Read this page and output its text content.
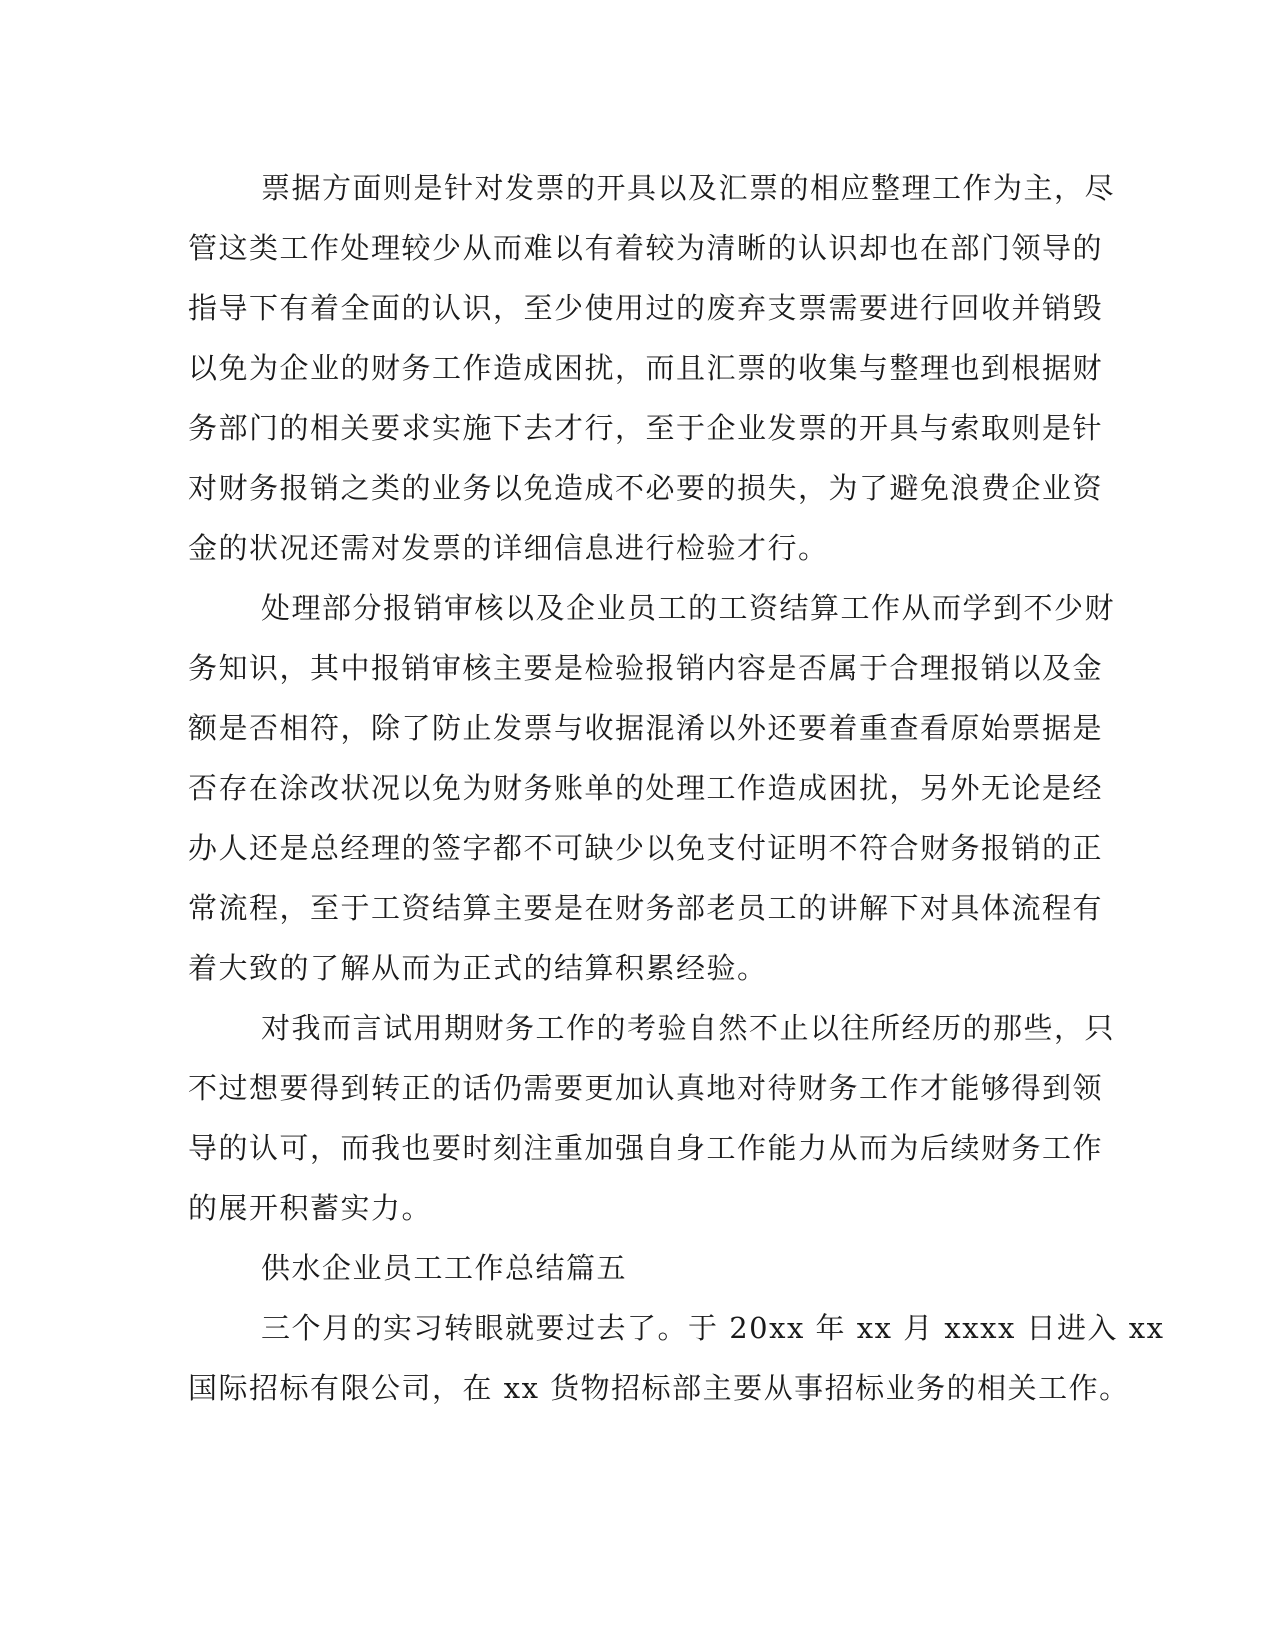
票据方面则是针对发票的开具以及汇票的相应整理工作为主，尽
管这类工作处理较少从而难以有着较为清晰的认识却也在部门领导的
指导下有着全面的认识，至少使用过的废弃支票需要进行回收并销毁
以免为企业的财务工作造成困扰，而且汇票的收集与整理也到根据财
务部门的相关要求实施下去才行，至于企业发票的开具与索取则是针
对财务报销之类的业务以免造成不必要的损失，为了避免浪费企业资
金的状况还需对发票的详细信息进行检验才行。
处理部分报销审核以及企业员工的工资结算工作从而学到不少财
务知识，其中报销审核主要是检验报销内容是否属于合理报销以及金
额是否相符，除了防止发票与收据混淆以外还要着重查看原始票据是
否存在涂改状况以免为财务账单的处理工作造成困扰，另外无论是经
办人还是总经理的签字都不可缺少以免支付证明不符合财务报销的正
常流程，至于工资结算主要是在财务部老员工的讲解下对具体流程有
着大致的了解从而为正式的结算积累经验。
对我而言试用期财务工作的考验自然不止以往所经历的那些，只
不过想要得到转正的话仍需要更加认真地对待财务工作才能够得到领
导的认可，而我也要时刻注重加强自身工作能力从而为后续财务工作
的展开积蓄实力。
供水企业员工工作总结篇五
三个月的实习转眼就要过去了。于 20xx 年 xx 月 xxxx 日进入 xx
国际招标有限公司，在 xx 货物招标部主要从事招标业务的相关工作。
